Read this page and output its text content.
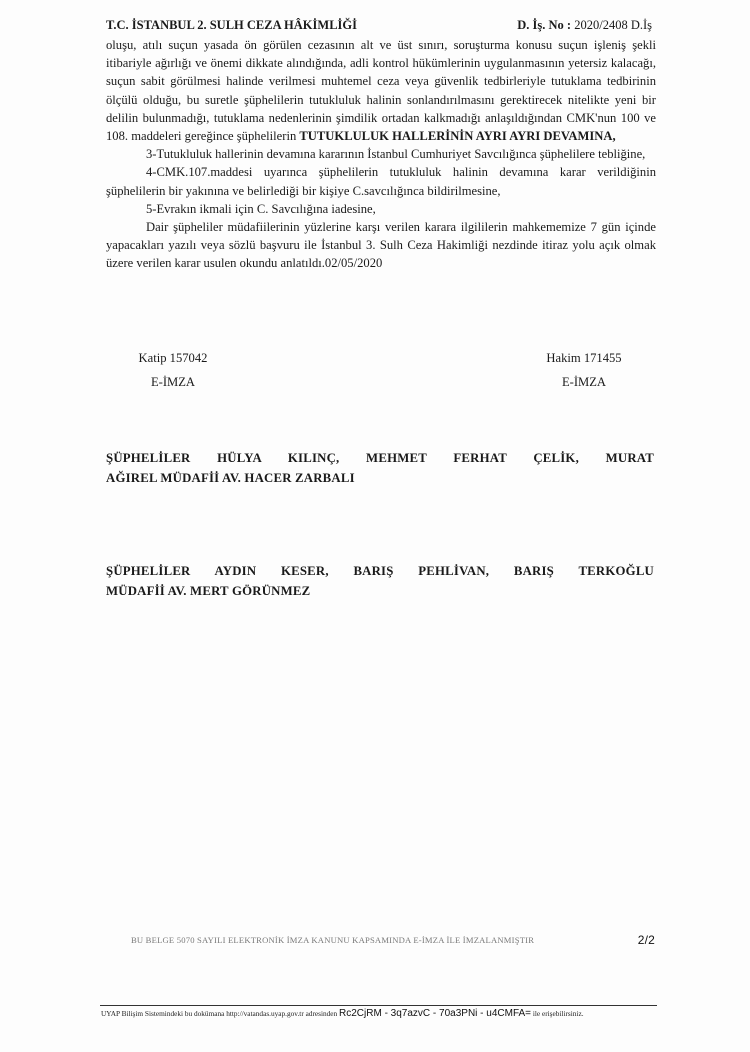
T.C. İSTANBUL 2. SULH CEZA HÂKİMLİĞİ	D. İş. No : 2020/2408 D.İş

oluşu, atılı suçun yasada ön görülen cezasının alt ve üst sınırı, soruşturma konusu suçun işleniş şekli itibariyle ağırlığı ve önemi dikkate alındığında, adli kontrol hükümlerinin uygulanmasının yetersiz kalacağı, suçun sabit görülmesi halinde verilmesi muhtemel ceza veya güvenlik tedbirleriyle tutuklama tedbirinin ölçülü olduğu, bu suretle şüphelilerin tutukluluk halinin sonlandırılmasını gerektirecek nitelikte yeni bir delilin bulunmadığı, tutuklama nedenlerinin şimdilik ortadan kalkmadığı anlaşıldığından CMK'nun 100 ve 108. maddeleri gereğince şüphelilerin TUTUKLULUK HALLERİNİN AYRI AYRI DEVAMINA,

3-Tutukluluk hallerinin devamına kararının İstanbul Cumhuriyet Savcılığınca şüphelilere tebliğine,

4-CMK.107.maddesi uyarınca şüphelilerin tutukluluk halinin devamına karar verildiğinin şüphelilerin bir yakınına ve belirlediği bir kişiye C.savcılığınca bildirilmesine,

5-Evrakın ikmali için C. Savcılığına iadesine,

Dair şüpheliler müdafiilerinin yüzlerine karşı verilen karara ilgililerin mahkememize 7 gün içinde yapacakları yazılı veya sözlü başvuru ile İstanbul 3. Sulh Ceza Hakimliği nezdinde itiraz yolu açık olmak üzere verilen karar usulen okundu anlatıldı.02/05/2020

Katip 157042
E-İMZA
Hakim 171455
E-İMZA
ŞÜPHELİLER HÜLYA KILINÇ, MEHMET FERHAT ÇELİK, MURAT
AĞIREL MÜDAFİİ AV. HACER ZARBALI
ŞÜPHELİLER AYDIN KESER, BARIŞ PEHLİVAN, BARIŞ TERKOĞLU
MÜDAFİİ AV. MERT GÖRÜNMEZ
BU BELGE 5070 SAYILI ELEKTRONİK İMZA KANUNU KAPSAMINDA E-İMZA İLE İMZALANMIŞTIR	2/2
UYAP Bilişim Sistemindeki bu dokümana http://vatandas.uyap.gov.tr adresinden Rc2CjRM - 3q7azvC - 70a3PNi - u4CMFA= ile erişebilirsiniz.
